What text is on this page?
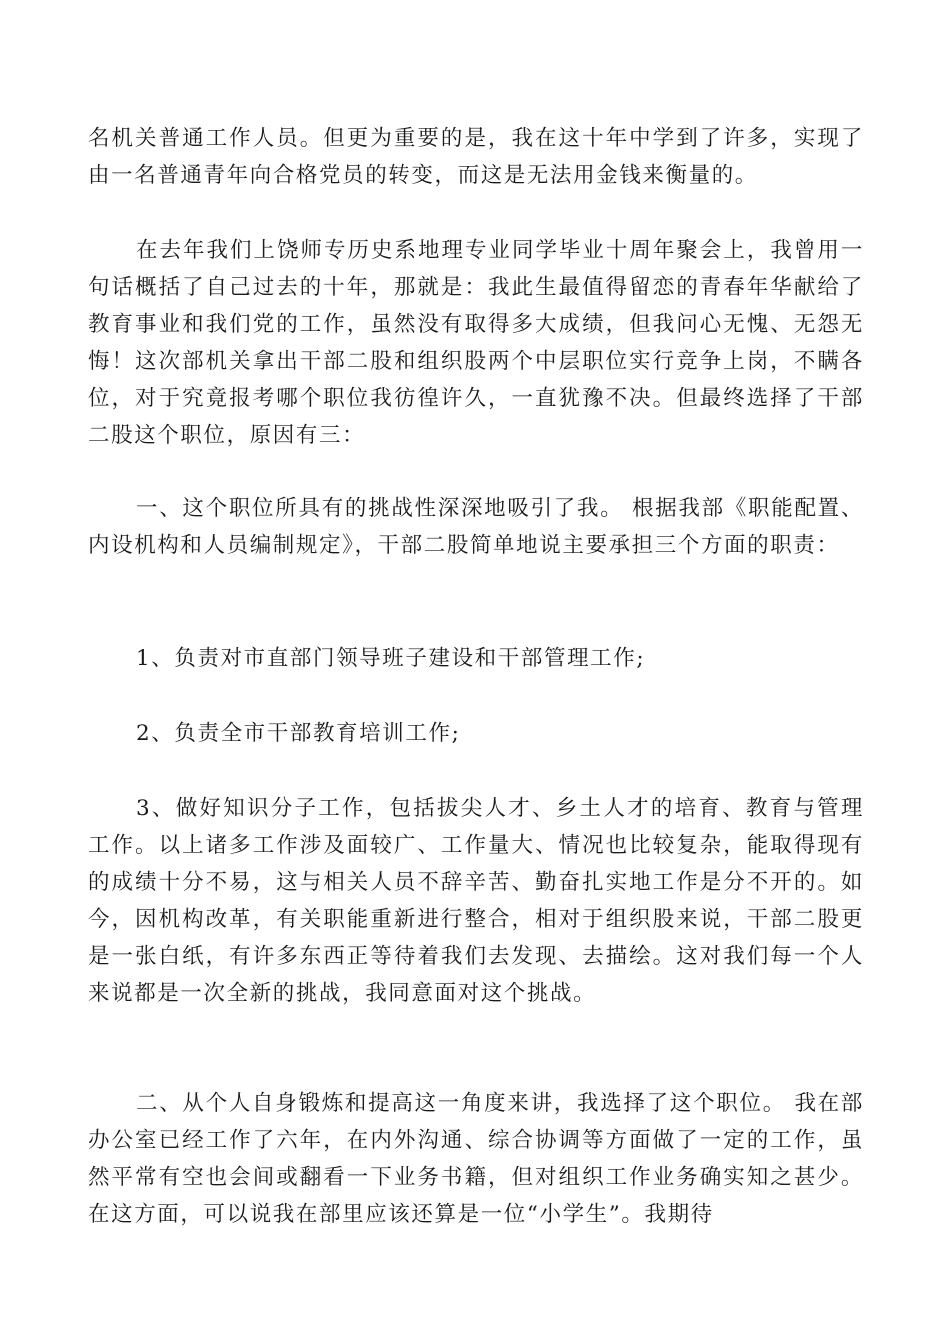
名机关普通工作人员。但更为重要的是，我在这十年中学到了许多，实现了由一名普通青年向合格党员的转变，而这是无法用金钱来衡量的。

在去年我们上饶师专历史系地理专业同学毕业十周年聚会上，我曾用一句话概括了自己过去的十年，那就是：我此生最值得留恋的青春年华献给了教育事业和我们党的工作，虽然没有取得多大成绩，但我问心无愧、无怨无悔！这次部机关拿出干部二股和组织股两个中层职位实行竞争上岗，不瞒各位，对于究竟报考哪个职位我彷徨许久，一直犹豫不决。但最终选择了干部二股这个职位，原因有三：

一、这个职位所具有的挑战性深深地吸引了我。 根据我部《职能配置、内设机构和人员编制规定》，干部二股简单地说主要承担三个方面的职责：

1、负责对市直部门领导班子建设和干部管理工作;

2、负责全市干部教育培训工作;

3、做好知识分子工作，包括拔尖人才、乡土人才的培育、教育与管理工作。以上诸多工作涉及面较广、工作量大、情况也比较复杂，能取得现有的成绩十分不易，这与相关人员不辞辛苦、勤奋扎实地工作是分不开的。如今，因机构改革，有关职能重新进行整合，相对于组织股来说，干部二股更是一张白纸，有许多东西正等待着我们去发现、去描绘。这对我们每一个人来说都是一次全新的挑战，我同意面对这个挑战。

二、从个人自身锻炼和提高这一角度来讲，我选择了这个职位。 我在部办公室已经工作了六年，在内外沟通、综合协调等方面做了一定的工作，虽然平常有空也会间或翻看一下业务书籍，但对组织工作业务确实知之甚少。在这方面，可以说我在部里应该还算是一位“小学生”。我期待
